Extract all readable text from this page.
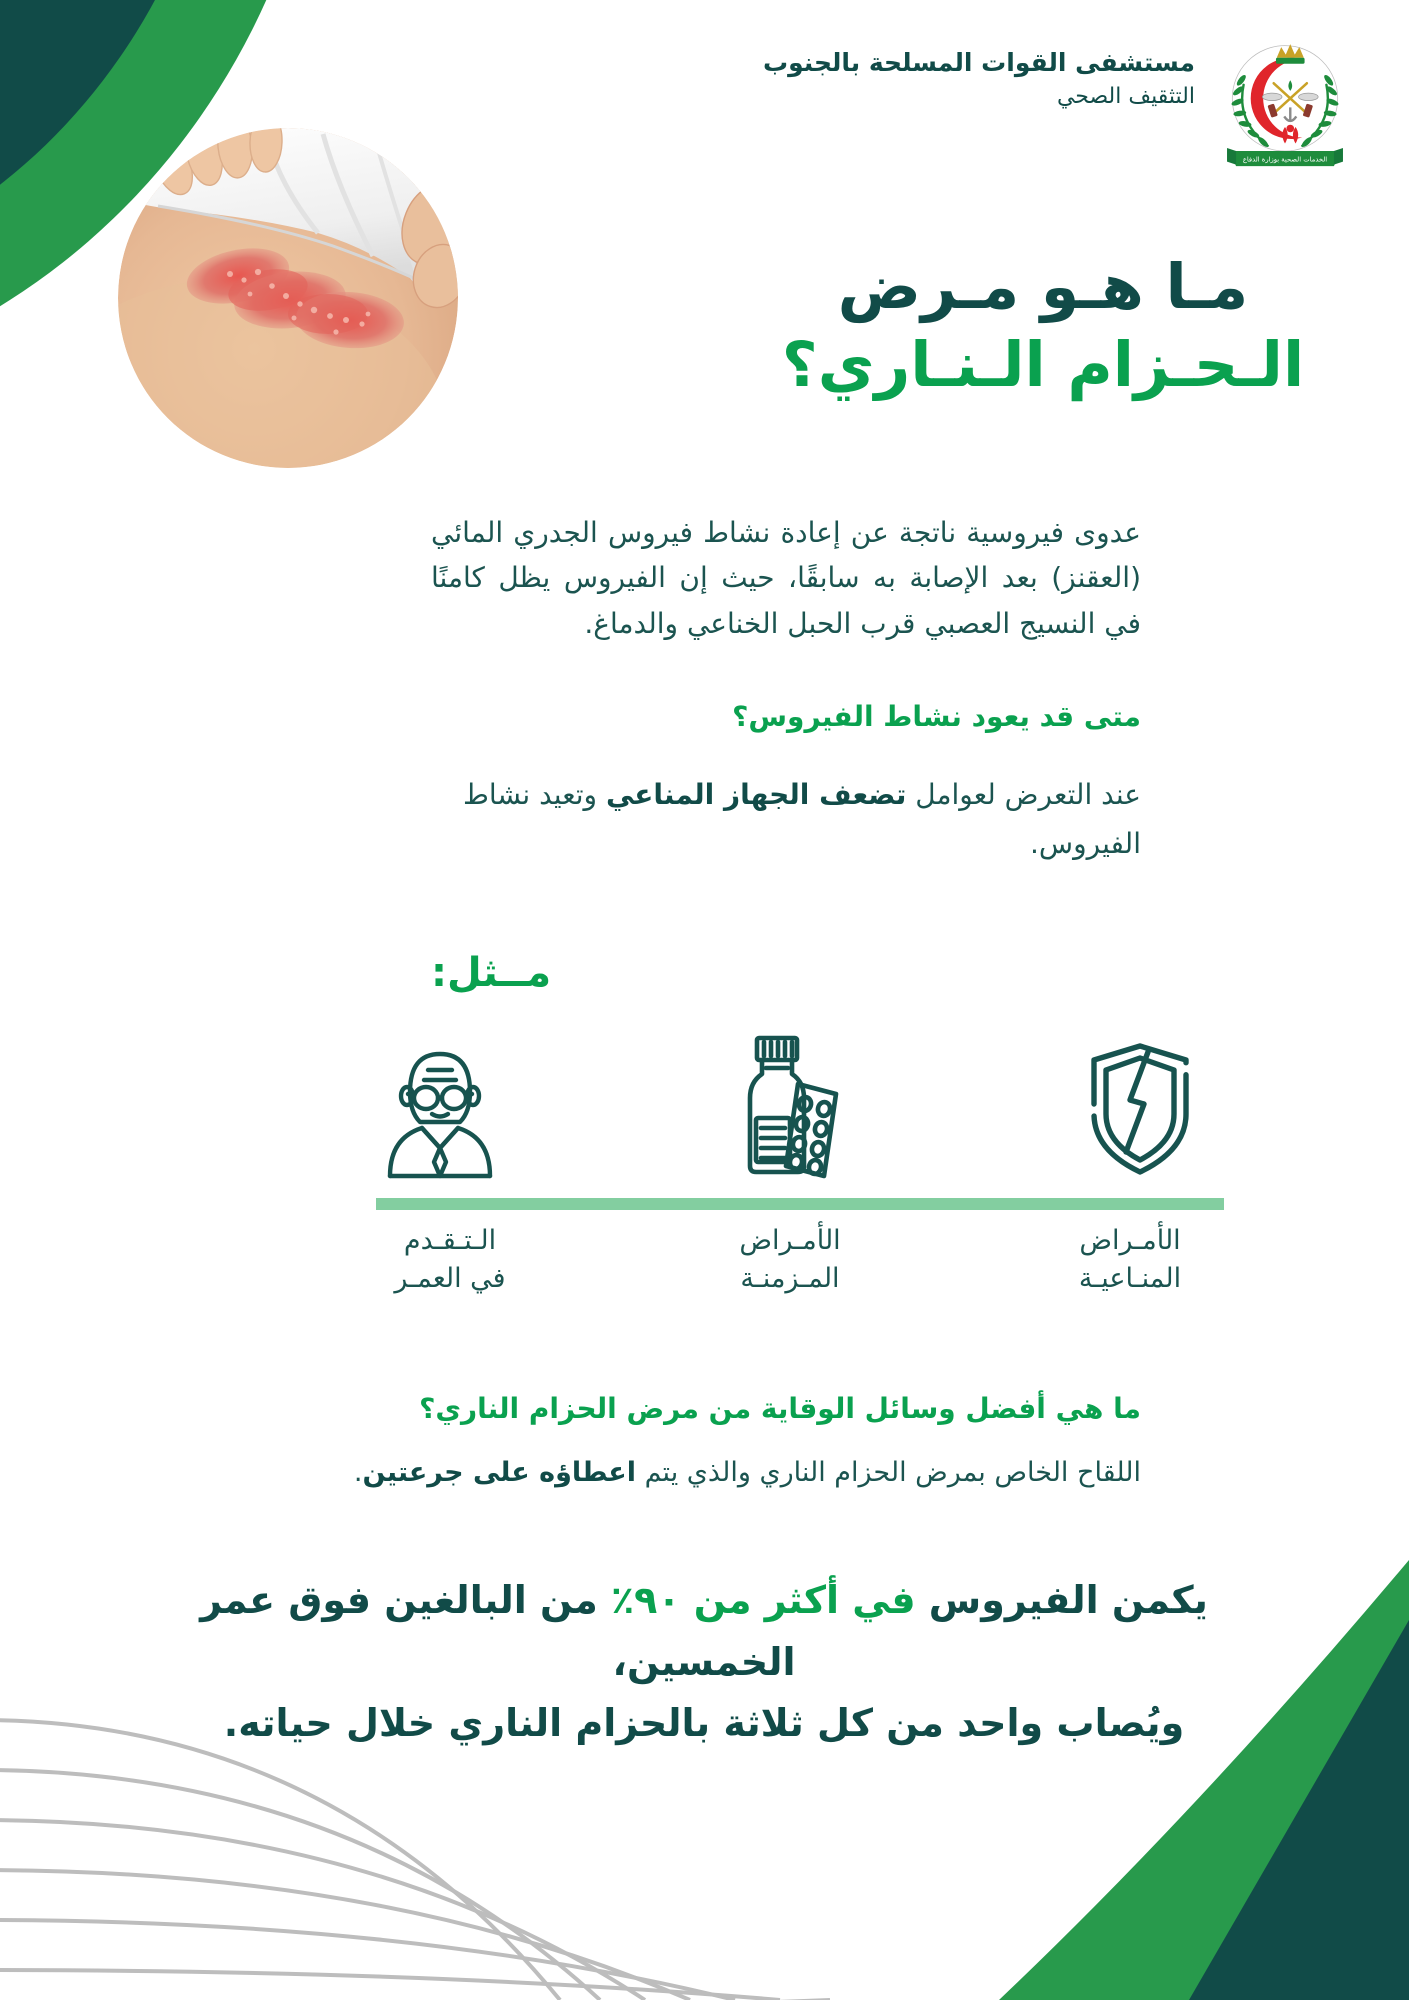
الخدمات الصحية بوزارة الدفاع
مستشفى القوات المسلحة بالجنوب
التثقيف الصحي
مـا هـو مـرض
الـحـزام الـنـاري؟
عدوى فيروسية ناتجة عن إعادة نشاط فيروس الجدري المائي (العقنز) بعد الإصابة به سابقًا، حيث إن الفيروس يظل كامنًا في النسيج العصبي قرب الحبل الخناعي والدماغ.
متى قد يعود نشاط الفيروس؟
عند التعرض لعوامل تضعف الجهاز المناعي وتعيد نشاط الفيروس.
مــثل:
الأمـراض
المنـاعيـة
الأمـراض
المـزمنـة
الـتـقـدم
في العمـر
ما هي أفضل وسائل الوقاية من مرض الحزام الناري؟
اللقاح الخاص بمرض الحزام الناري والذي يتم اعطاؤه على جرعتين.
يكمن الفيروس في أكثر من ٩٠٪ من البالغين فوق عمر الخمسين،
ويُصاب واحد من كل ثلاثة بالحزام الناري خلال حياته.
